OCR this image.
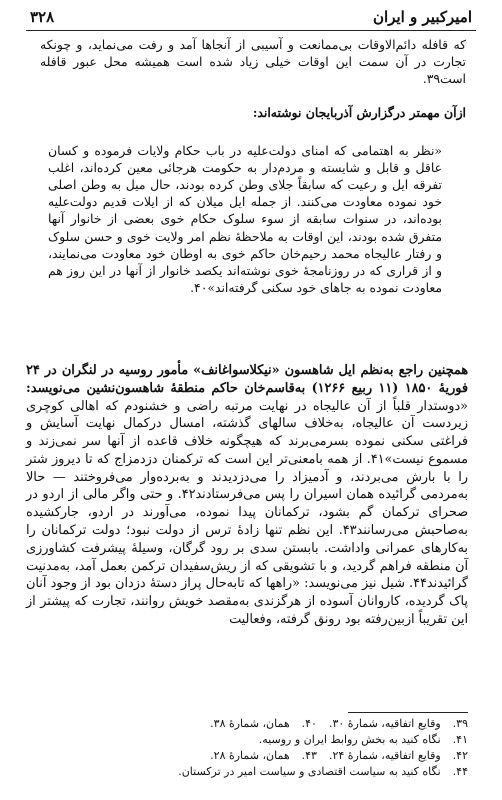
۳۲۸	امیرکبیر و ایران
که قافله دائم‌الاوقات بی‌ممانعت و آسیبی از آنجاها آمد و رفت می‌نماید، و چونکه تجارت در آن سمت این اوقات خیلی زیاد شده است همیشه محل عبور قافله است۳۹.
ازآن مهمتر درگزارش آذربایجان نوشته‌اند:
«نظر به اهتمامی که امنای دولت‌علیه در باب حکام ولایات فرموده و کسان عاقل و قابل و شایسته و مردم‌دار به حکومت هرجائی معین کرده‌اند، اغلب تفرقه ایل و رعیت که سابقاً جلای وطن کرده بودند، حال میل به وطن اصلی خود نموده معاودت می‌کنند. از جمله ایل میلان که از ایلات قدیم دولت‌علیه بوده‌اند، در سنوات سابقه از سوء سلوک حکام خوی بعضی از خانوار آنها متفرق شده بودند، این اوقات به ملاحظهٔ نظم امر ولایت خوی و حسن سلوک و رفتار عالیجاه محمد رحیم‌خان حاکم خوی به اوطان خود معاودت می‌نمایند، و از قراری که در روزنامجهٔ خوی نوشته‌اند یکصد خانوار از آنها در این روز هم معاودت نموده به جاهای خود سکنی گرفته‌اند»۴۰.
همچنین راجع به‌نظم ایل شاهسون «نیکلاسواغانف» مأمور روسیه در لنگران در ۲۴ فوریهٔ ۱۸۵۰ (۱۱ ربیع ۱۲۶۶) به‌قاسم‌خان حاکم منطقهٔ شاهسون‌نشین می‌نویسد: «دوستدار قلباً از آن عالیجاه در نهایت مرتبه راضی و خشنودم که اهالی کوچری زیردست آن عالیجاه، به‌خلاف سالهای گذشته، امسال درکمال نهایت آسایش و فراغتی سکنی نموده بسرمی‌برند که هیچگونه خلاف قاعده از آنها سر نمی‌زند و مسموع نیست»۴۱. از همه بامعنی‌تر این است که ترکمنان دزدمزاج که تا دیروز شتر را با بارش می‌بردند، و آدمیزاد را می‌دزدیدند و به‌برده‌وار می‌فروختند — حالا به‌مردمی گرائیده همان اسیران را پس می‌فرستادند۴۲. و حتی واگر مالی از اردو در صحرای ترکمان گم بشود، ترکمانان پیدا نموده، می‌آورند در اردو، جارکشیده به‌صاحبش می‌رسانند۴۳. این نظم تنها زادهٔ ترس از دولت نبود؛ دولت ترکمانان را به‌کارهای عمرانی واداشت. بابستن سدی بر رود گرگان، وسیلهٔ پیشرفت کشاورزی آن منطقه فراهم گردید، و با تشویقی که از ریش‌سفیدان ترکمن بعمل آمد، به‌مدنیت گرائیدند۴۴. شیل نیز می‌نویسد: «راهها که تابه‌حال پراز دستهٔ دزدان بود از وجود آنان پاک گردیده، کاروانان آسوده از هرگزندی به‌مقصد خویش روانند، تجارت که پیشتر از این تقریباً ازبین‌رفته بود رونق گرفته، وفعالیت
۳۹.
وقایع اتفاقیه، شمارهٔ ۳۰.
۴۰.
همان، شمارهٔ ۳۸.
۴۱.
نگاه کنید به بخش روابط ایران و روسیه.
۴۲.
وقایع اتفاقیه، شمارهٔ ۲۴.
۴۳.
همان، شمارهٔ ۲۸.
۴۴.
نگاه کنید به سیاست اقتصادی و سیاست امیر در ترکستان.
